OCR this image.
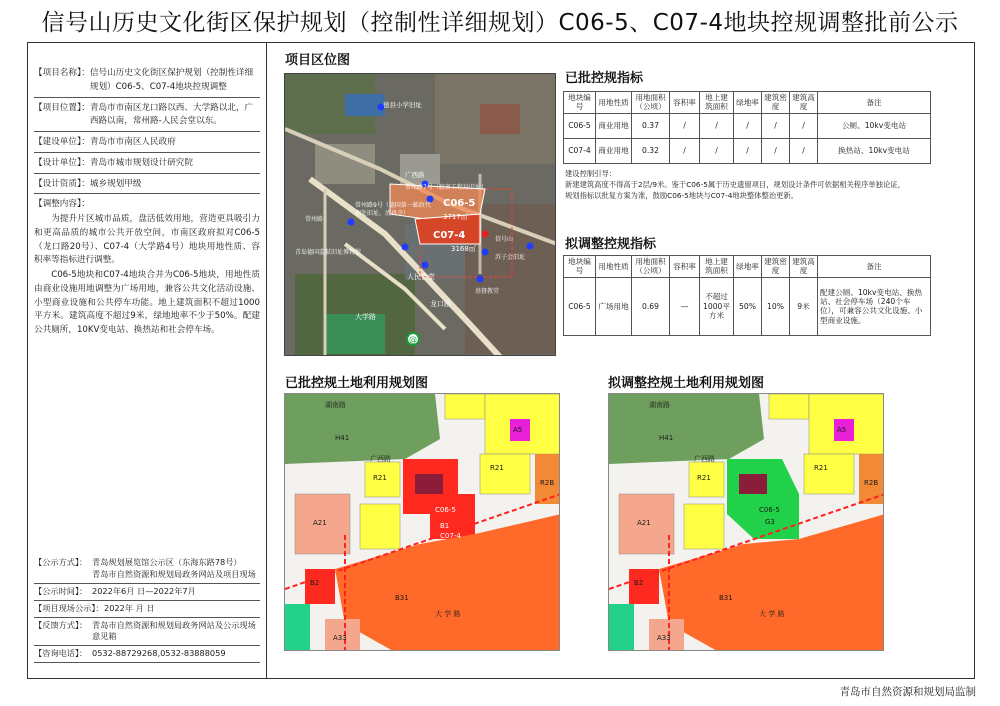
信号山历史文化街区保护规划（控制性详细规划）C06-5、C07-4地块控规调整批前公示
【项目名称】： 信号山历史文化街区保护规划（控制性详细规划）C06-5、C07-4地块控规调整
【项目位置】： 青岛市市南区龙口路以西、大学路以北，广西路以南，常州路-人民会堂以东。
【建设单位】： 青岛市市南区人民政府
【设计单位】： 青岛市城市规划设计研究院
【设计资质】： 城乡规划甲级
【调整内容】：
为提升片区城市品质，盘活低效用地，营造更具吸引力和更高品质的城市公共开放空间，市南区政府拟对C06-5（龙口路20号）、C07-4（大学路4号）地块用地性质、容积率等指标进行调整。
C06-5地块和C07-4地块合并为C06-5地块，用地性质由商业设施用地调整为广场用地，兼容公共文化活动设施、小型商业设施和公共停车功能。地上建筑面积不超过1000平方米。建筑高度不超过9米，绿地地率不少于50%。配建公共厕所，10KV变电站、换热站和社会停车场。
【公示方式】： 青岛规划展览馆公示区（东海东路78号）
青岛市自然资源和规划局政务网站及项目现场
【公示时间】： 2022年6月 日—2022年7月
【项目现场公示】： 2022年 月 日
【反馈方式】： 青岛市自然资源和规划局政务网站及公示现场意见箱
【咨询电话】： 0532-88729268,0532-83888059
项目区位图
@
德县小学旧址
广西路
常州路7号（胶省工程局旧址）
常州路9号（德国第一邮政代理处旧址、清真寺）
C06-5
3717㎡
C07-4
3168㎡
青岛德国监狱旧址博物馆
信号山
苏子会旧址
人民会堂
基督教堂
大学路
龙口路
常州路
已批控规指标
地块编号	用地性质	用地面积（公顷）	容积率	地上建筑面积	绿地率	建筑密度	建筑高度	备注
C06-5	商业用地	0.37	/	/	/	/	/	公厕、10kv变电站
C07-4	商业用地	0.32	/	/	/	/	/	换热站、10kv变电站
建设控制引导：
新建建筑高度不得高于2层/9米。鉴于C06-5属于历史遗留项目，规划设计条件可依据相关程序单独论证，
规划指标以批复方案为准，鼓励C06-5地块与C07-4地块整体整治更新。
拟调整控规指标
地块编号	用地性质	用地面积（公顷）	容积率	地上建筑面积	绿地率	建筑密度	建筑高度	备注
C06-5	广场用地	0.69	—	不超过1000平方米	50%	10%	9米	配建公厕、10kv变电站、换热站、社会停车场（240个车位），可兼容公共文化设施、小型商业设施。
已批控规土地利用规划图	拟调整控规土地利用规划图
H41
湖南路
广西路
A21
R21
R21
C06-5
B1
C07-4
B31
B2
A33
R2B
A5
大 学 路
H41
湖南路
广西路
A21
R21
R21
C06-5
G3
B31
B2
A33
R2B
A5
大 学 路
青岛市自然资源和规划局监制
